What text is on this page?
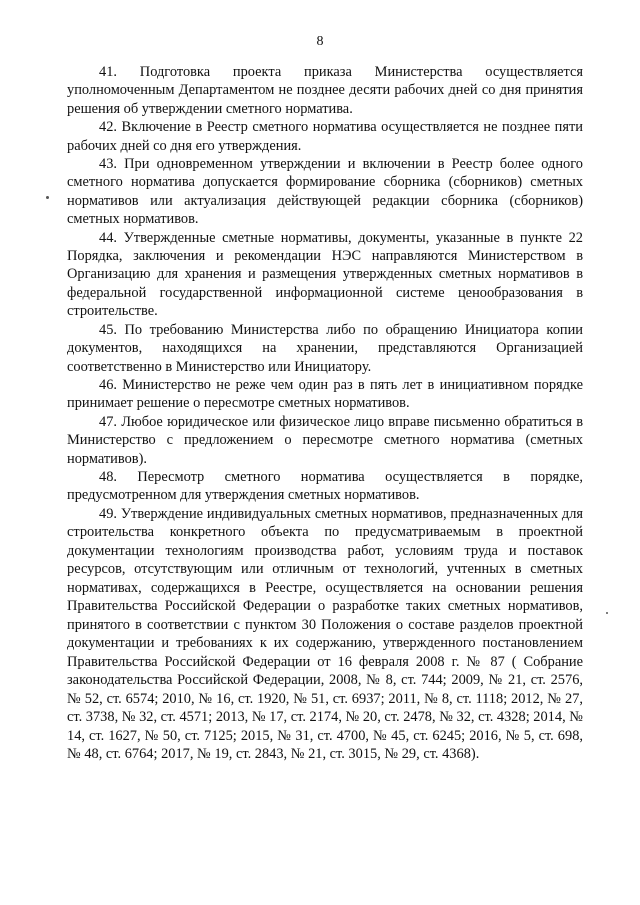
8

41. Подготовка проекта приказа Министерства осуществляется уполномоченным Департаментом не позднее десяти рабочих дней со дня принятия решения об утверждении сметного норматива.

42. Включение в Реестр сметного норматива осуществляется не позднее пяти рабочих дней со дня его утверждения.

43. При одновременном утверждении и включении в Реестр более одного сметного норматива допускается формирование сборника (сборников) сметных нормативов или актуализация действующей редакции сборника (сборников) сметных нормативов.

44. Утвержденные сметные нормативы, документы, указанные в пункте 22 Порядка, заключения и рекомендации НЭС направляются Министерством в Организацию для хранения и размещения утвержденных сметных нормативов в федеральной государственной информационной системе ценообразования в строительстве.

45. По требованию Министерства либо по обращению Инициатора копии документов, находящихся на хранении, представляются Организацией соответственно в Министерство или Инициатору.

46. Министерство не реже чем один раз в пять лет в инициативном порядке принимает решение о пересмотре сметных нормативов.

47. Любое юридическое или физическое лицо вправе письменно обратиться в Министерство с предложением о пересмотре сметного норматива (сметных нормативов).

48. Пересмотр сметного норматива осуществляется в порядке, предусмотренном для утверждения сметных нормативов.

49. Утверждение индивидуальных сметных нормативов, предназначенных для строительства конкретного объекта по предусматриваемым в проектной документации технологиям производства работ, условиям труда и поставок ресурсов, отсутствующим или отличным от технологий, учтенных в сметных нормативах, содержащихся в Реестре, осуществляется на основании решения Правительства Российской Федерации о разработке таких сметных нормативов, принятого в соответствии с пунктом 30 Положения о составе разделов проектной документации и требованиях к их содержанию, утвержденного постановлением Правительства Российской Федерации от 16 февраля 2008 г. № 87 ( Собрание законодательства Российской Федерации, 2008, № 8, ст. 744; 2009, № 21, ст. 2576, № 52, ст. 6574; 2010, № 16, ст. 1920, № 51, ст. 6937; 2011, № 8, ст. 1118; 2012, № 27, ст. 3738, № 32, ст. 4571; 2013, № 17, ст. 2174, № 20, ст. 2478, № 32, ст. 4328; 2014, № 14, ст. 1627, № 50, ст. 7125; 2015, № 31, ст. 4700, № 45, ст. 6245; 2016, № 5, ст. 698, № 48, ст. 6764; 2017, № 19, ст. 2843, № 21, ст. 3015, № 29, ст. 4368).
